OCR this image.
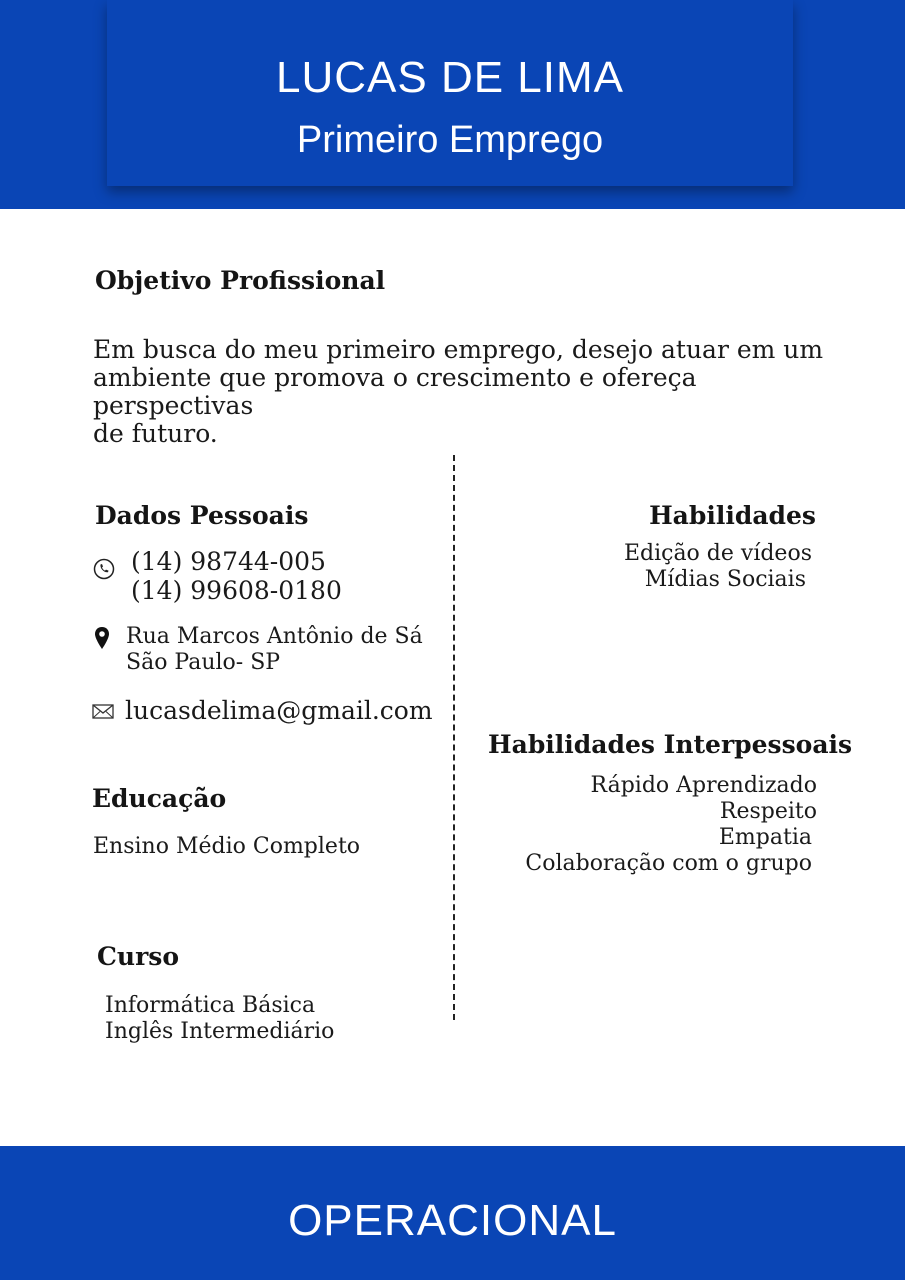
LUCAS DE LIMA
Primeiro Emprego
Objetivo Profissional
Em busca do meu primeiro emprego, desejo atuar em um
ambiente que promova o crescimento e ofereça perspectivas
de futuro.
Dados Pessoais
(14) 98744-005
(14) 99608-0180
Rua Marcos Antônio de Sá
São Paulo- SP
lucasdelima@gmail.com
Educação
Ensino Médio Completo
Curso
Informática Básica
Inglês Intermediário
Habilidades
Edição de vídeos
Mídias Sociais
Habilidades Interpessoais
Rápido Aprendizado
Respeito
Empatia
Colaboração com o grupo
OPERACIONAL
